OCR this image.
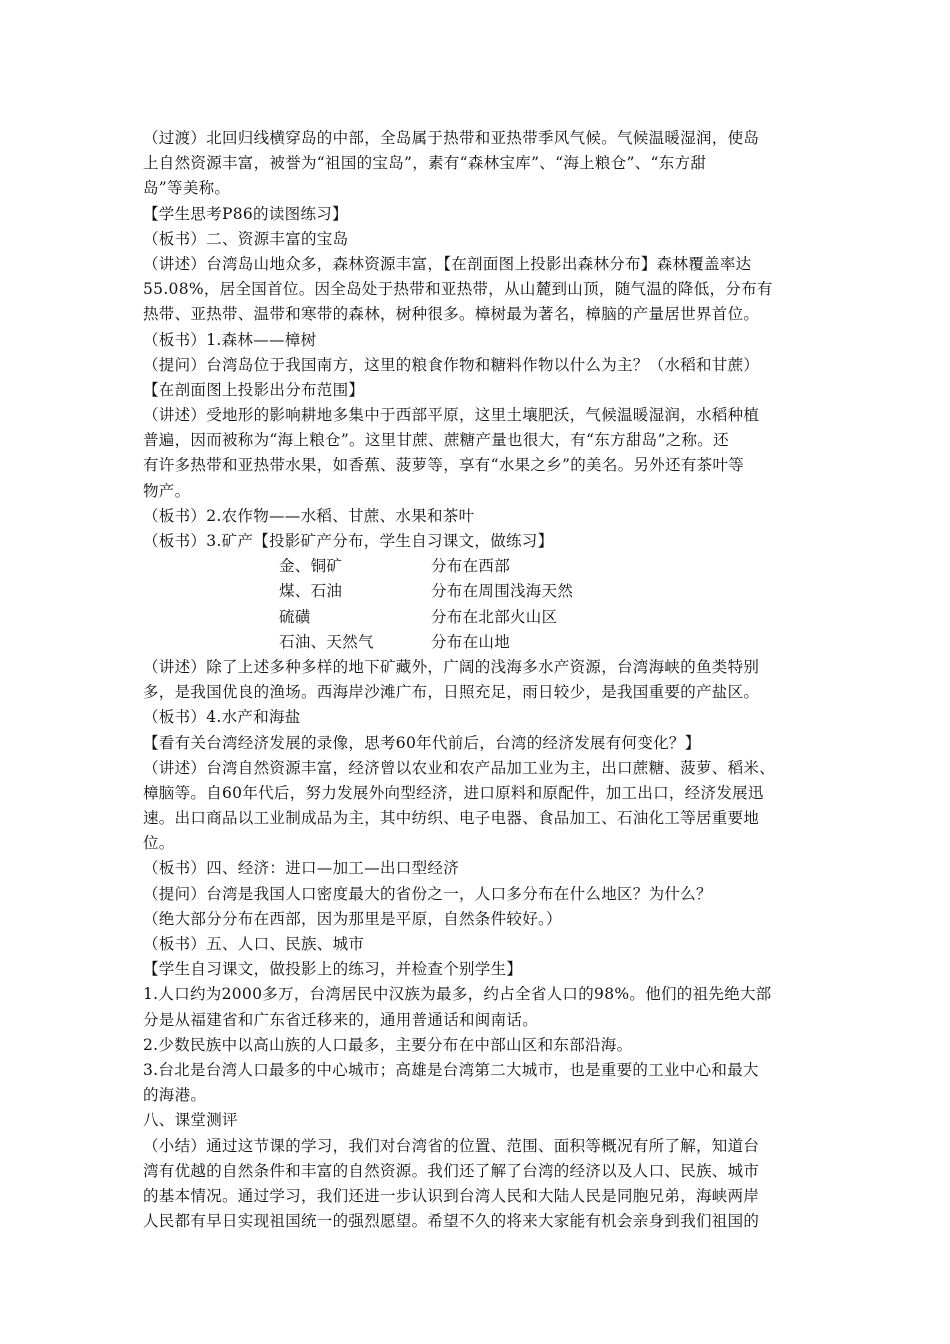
（过渡）北回归线横穿岛的中部，全岛属于热带和亚热带季风气候。气候温暖湿润，使岛
上自然资源丰富，被誉为“祖国的宝岛”，素有“森林宝库”、“海上粮仓”、“东方甜
岛”等美称。
【学生思考P86的读图练习】
（板书）二、资源丰富的宝岛
（讲述）台湾岛山地众多，森林资源丰富，【在剖面图上投影出森林分布】森林覆盖率达
55.08%，居全国首位。因全岛处于热带和亚热带，从山麓到山顶，随气温的降低，分布有
热带、亚热带、温带和寒带的森林，树种很多。樟树最为著名，樟脑的产量居世界首位。
（板书）1.森林——樟树
（提问）台湾岛位于我国南方，这里的粮食作物和糖料作物以什么为主？（水稻和甘蔗）
【在剖面图上投影出分布范围】
（讲述）受地形的影响耕地多集中于西部平原，这里土壤肥沃，气候温暖湿润，水稻种植
普遍，因而被称为“海上粮仓”。这里甘蔗、蔗糖产量也很大，有“东方甜岛”之称。还
有许多热带和亚热带水果，如香蕉、菠萝等，享有“水果之乡”的美名。另外还有茶叶等
物产。
（板书）2.农作物——水稻、甘蔗、水果和茶叶
（板书）3.矿产【投影矿产分布，学生自习课文，做练习】
金、铜矿	分布在西部
煤、石油	分布在周围浅海天然
硫磺	分布在北部火山区
石油、天然气	分布在山地
（讲述）除了上述多种多样的地下矿藏外，广阔的浅海多水产资源，台湾海峡的鱼类特别
多，是我国优良的渔场。西海岸沙滩广布，日照充足，雨日较少，是我国重要的产盐区。
（板书）4.水产和海盐
【看有关台湾经济发展的录像，思考60年代前后，台湾的经济发展有何变化？】
（讲述）台湾自然资源丰富，经济曾以农业和农产品加工业为主，出口蔗糖、菠萝、稻米、
樟脑等。自60年代后，努力发展外向型经济，进口原料和原配件，加工出口，经济发展迅
速。出口商品以工业制成品为主，其中纺织、电子电器、食品加工、石油化工等居重要地
位。
（板书）四、经济：进口—加工—出口型经济
（提问）台湾是我国人口密度最大的省份之一，人口多分布在什么地区？为什么？
（绝大部分分布在西部，因为那里是平原，自然条件较好。）
（板书）五、人口、民族、城市
【学生自习课文，做投影上的练习，并检查个别学生】
1.人口约为2000多万，台湾居民中汉族为最多，约占全省人口的98%。他们的祖先绝大部
分是从福建省和广东省迁移来的，通用普通话和闽南话。
2.少数民族中以高山族的人口最多，主要分布在中部山区和东部沿海。
3.台北是台湾人口最多的中心城市；高雄是台湾第二大城市，也是重要的工业中心和最大
的海港。
八、课堂测评
（小结）通过这节课的学习，我们对台湾省的位置、范围、面积等概况有所了解，知道台
湾有优越的自然条件和丰富的自然资源。我们还了解了台湾的经济以及人口、民族、城市
的基本情况。通过学习，我们还进一步认识到台湾人民和大陆人民是同胞兄弟，海峡两岸
人民都有早日实现祖国统一的强烈愿望。希望不久的将来大家能有机会亲身到我们祖国的
